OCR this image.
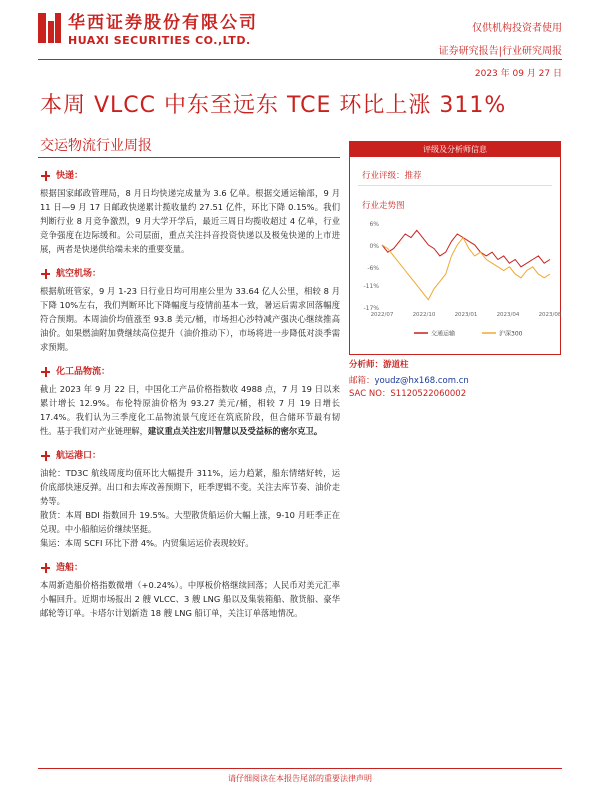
华西证券股份有限公司
HUAXI SECURITIES CO.,LTD.
仅供机构投资者使用
证券研究报告|行业研究周报
2023 年 09 月 27 日
本周 VLCC 中东至远东 TCE 环比上涨 311%
交运物流行业周报
快递：
根据国家邮政管理局，8 月日均快递完成量为 3.6 亿单。根据交通运输部，9 月 11 日—9 月 17 日邮政快递累计揽收量约 27.51 亿件，环比下降 0.15%。我们判断行业 8 月竞争激烈，9 月大学开学后，最近三周日均揽收超过 4 亿单，行业竞争强度在边际缓和。公司层面，重点关注抖音投资快递以及极兔快递的上市进展，两者是快递供给端未来的重要变量。
航空机场：
根据航班管家，9 月 1-23 日行业日均可用座公里为 33.64 亿人公里，相较 8 月下降 10%左右，我们判断环比下降幅度与疫情前基本一致，暑运后需求回落幅度符合预期。本周油价均值涨至 93.8 美元/桶，市场担心沙特减产强决心继续推高油价。如果燃油附加费继续高位提升（油价推动下），市场将进一步降低对淡季需求预期。
化工品物流：
截止 2023 年 9 月 22 日，中国化工产品价格指数收 4988 点，7 月 19 日以来累计增长 12.9%。布伦特原油价格为 93.27 美元/桶，相较 7 月 19 日增长 17.4%。我们认为三季度化工品物流景气度还在筑底阶段，但合储环节最有韧性。基于我们对产业链理解，建议重点关注宏川智慧以及受益标的密尔克卫。
航运港口：
油轮：TD3C 航线周度均值环比大幅提升 311%，运力趋紧，船东情绪好转，运价底部快速反弹。出口和去库改善预期下，旺季逻辑不变。关注去库节奏、油价走势等。
散货：本周 BDI 指数回升 19.5%。大型散货船运价大幅上涨，9-10 月旺季正在兑现。中小船舶运价继续坚挺。
集运：本周 SCFI 环比下滑 4%。内贸集运运价表现较好。
造船：
本周新造船价格指数微增（+0.24%）。中厚板价格继续回落；人民币对美元汇率小幅回升。近期市场报出 2 艘 VLCC、3 艘 LNG 船以及集装箱船、散货船、豪华邮轮等订单。卡塔尔计划新造 18 艘 LNG 船订单，关注订单落地情况。
评级及分析师信息
行业评级：推荐
行业走势图
6%
0%
-6%
-11%
-17%
2022/07	2022/10	2023/01	2023/04	2023/08
交通运输	沪深300
分析师：游道柱
邮箱：youdz@hx168.com.cn
SAC NO：S1120522060002
请仔细阅读在本报告尾部的重要法律声明
